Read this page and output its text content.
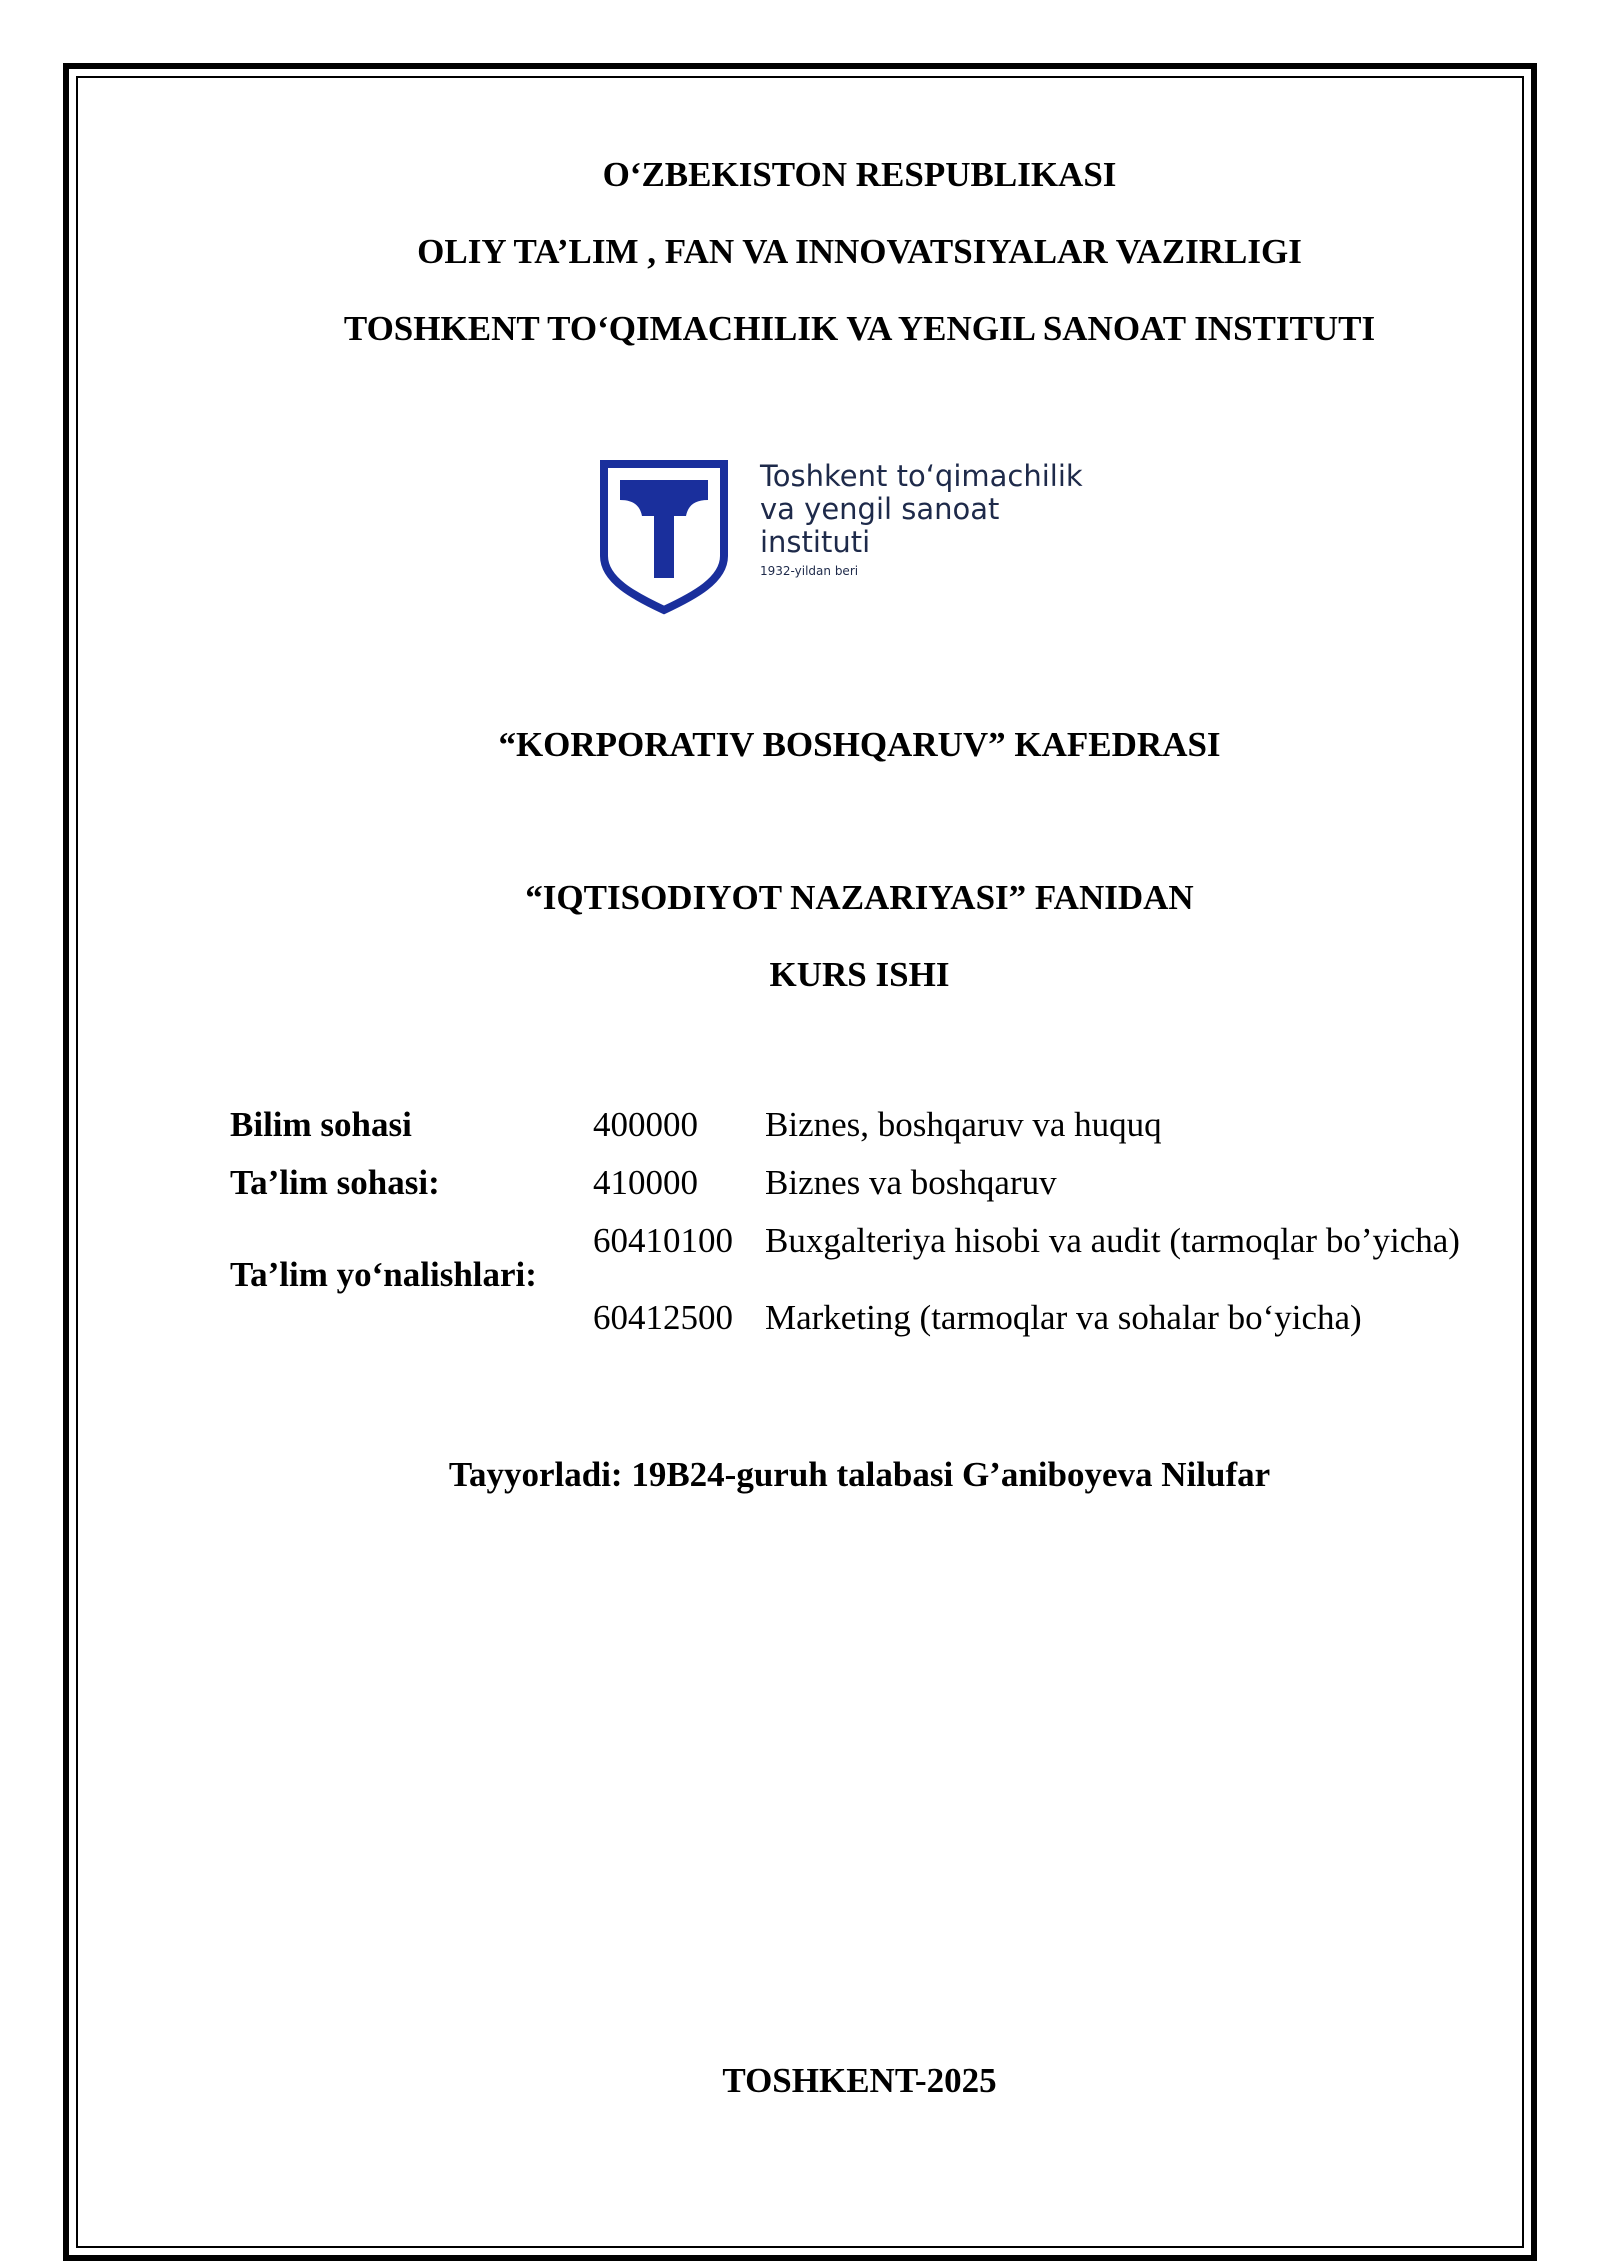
O‘ZBEKISTON RESPUBLIKASI
OLIY TA’LIM , FAN VA INNOVATSIYALAR VAZIRLIGI
TOSHKENT TO‘QIMACHILIK VA YENGIL SANOAT INSTITUTI
Toshkent to‘qimachilik
va yengil sanoat
instituti
1932-yildan beri
“KORPORATIV BOSHQARUV” KAFEDRASI
“IQTISODIYOT NAZARIYASI” FANIDAN
KURS ISHI
Bilim sohasi	400000 Biznes, boshqaruv va huquq
Ta’lim sohasi:	410000 Biznes va boshqaruv
60410100 Buxgalteriya hisobi va audit (tarmoqlar bo’yicha)
Ta’lim yo‘nalishlari:
60412500 Marketing (tarmoqlar va sohalar bo‘yicha)
Tayyorladi: 19B24-guruh talabasi G’aniboyeva Nilufar
TOSHKENT-2025
